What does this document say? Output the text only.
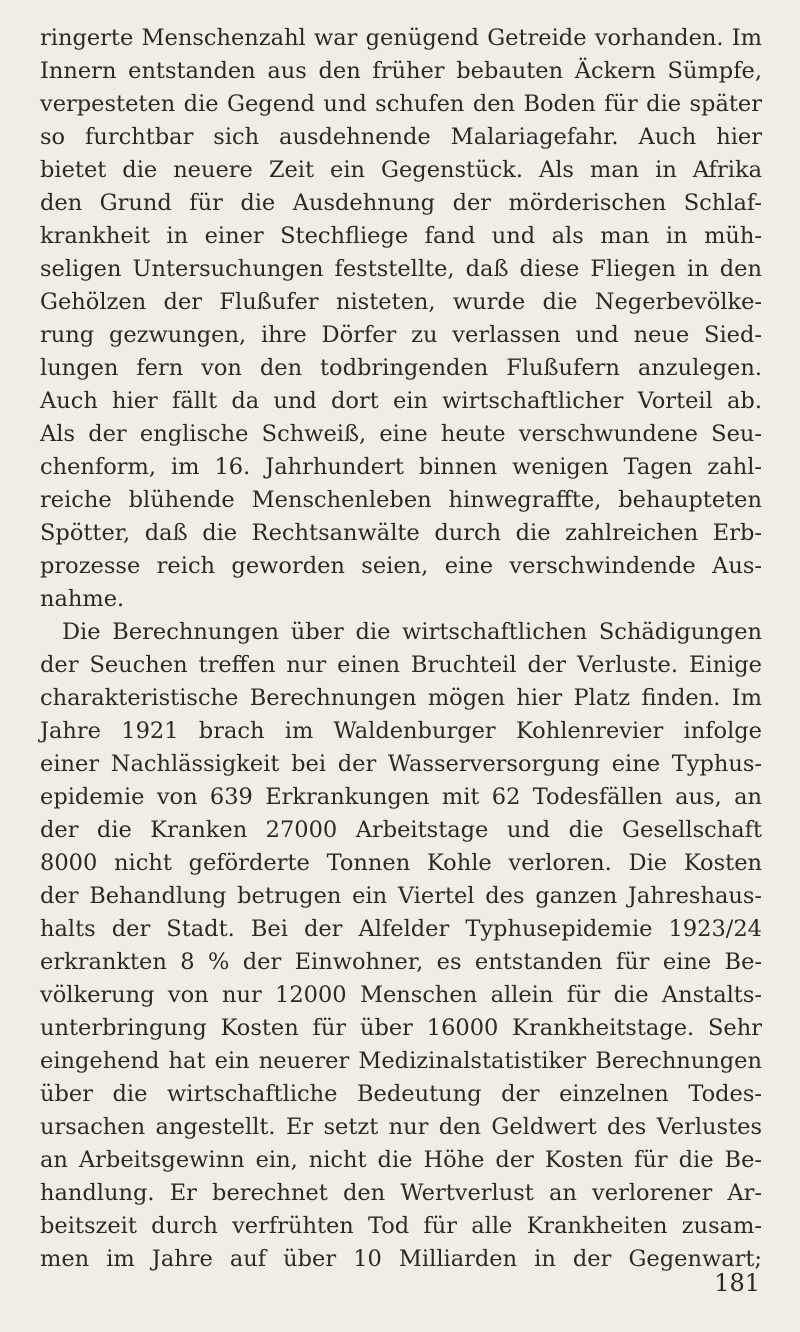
ringerte Menschenzahl war genügend Getreide vorhanden. Im
Innern entstanden aus den früher bebauten Äckern Sümpfe,
verpesteten die Gegend und schufen den Boden für die später
so furchtbar sich ausdehnende Malariagefahr. Auch hier
bietet die neuere Zeit ein Gegenstück. Als man in Afrika
den Grund für die Ausdehnung der mörderischen Schlaf-
krankheit in einer Stechfliege fand und als man in müh-
seligen Untersuchungen feststellte, daß diese Fliegen in den
Gehölzen der Flußufer nisteten, wurde die Negerbevölke-
rung gezwungen, ihre Dörfer zu verlassen und neue Sied-
lungen fern von den todbringenden Flußufern anzulegen.
Auch hier fällt da und dort ein wirtschaftlicher Vorteil ab.
Als der englische Schweiß, eine heute verschwundene Seu-
chenform, im 16. Jahrhundert binnen wenigen Tagen zahl-
reiche blühende Menschenleben hinwegraffte, behaupteten
Spötter, daß die Rechtsanwälte durch die zahlreichen Erb-
prozesse reich geworden seien, eine verschwindende Aus-
nahme.
Die Berechnungen über die wirtschaftlichen Schädigungen
der Seuchen treffen nur einen Bruchteil der Verluste. Einige
charakteristische Berechnungen mögen hier Platz finden. Im
Jahre 1921 brach im Waldenburger Kohlenrevier infolge
einer Nachlässigkeit bei der Wasserversorgung eine Typhus-
epidemie von 639 Erkrankungen mit 62 Todesfällen aus, an
der die Kranken 27000 Arbeitstage und die Gesellschaft
8000 nicht geförderte Tonnen Kohle verloren. Die Kosten
der Behandlung betrugen ein Viertel des ganzen Jahreshaus-
halts der Stadt. Bei der Alfelder Typhusepidemie 1923/24
erkrankten 8 % der Einwohner, es entstanden für eine Be-
völkerung von nur 12000 Menschen allein für die Anstalts-
unterbringung Kosten für über 16000 Krankheitstage. Sehr
eingehend hat ein neuerer Medizinalstatistiker Berechnungen
über die wirtschaftliche Bedeutung der einzelnen Todes-
ursachen angestellt. Er setzt nur den Geldwert des Verlustes
an Arbeitsgewinn ein, nicht die Höhe der Kosten für die Be-
handlung. Er berechnet den Wertverlust an verlorener Ar-
beitszeit durch verfrühten Tod für alle Krankheiten zusam-
men im Jahre auf über 10 Milliarden in der Gegenwart;
181
